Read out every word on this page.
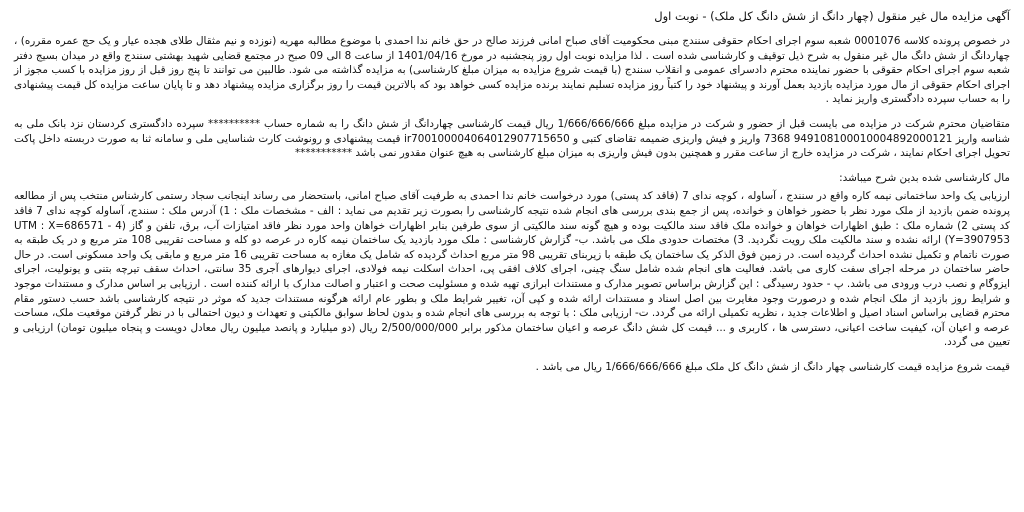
آگهی مزایده مال غیر منقول (چهار دانگ از شش دانگ کل ملک) - نوبت اول

در خصوص پرونده کلاسه 0001076 شعبه سوم اجرای احکام حقوقی سنندج مبنی محکومیت آقای صباح امانی فرزند صالح در حق خانم ندا احمدی با موضوع مطالبه مهریه (نوزده و نیم مثقال طلای هجده عیار و یک حج عمره مقرره) ، چهاردانگ از شش دانگ مال غیر منقول به شرح ذیل توقیف و کارشناسی شده است . لذا مزایده نوبت اول روز پنجشنبه در مورخ 1401/04/16 از ساعت 8 الی 09 صبح در مجتمع قضایی شهید بهشتی سنندج واقع در میدان بسیج دفتر شعبه سوم اجرای احکام حقوقی با حضور نماینده محترم دادسرای عمومی و انقلاب سنندج (با قیمت شروع مزایده به میزان مبلغ کارشناسی) به مزایده گذاشته می شود. طالبین می توانند تا پنج روز قبل از روز مزایده با کسب مجوز از اجرای احکام حقوقی از مال مورد مزایده بازدید بعمل آورند و پیشنهاد خود را کتباً روز مزایده تسلیم نمایند برنده مزایده کسی خواهد بود که بالاترین قیمت را روز برگزاری مزایده پیشنهاد دهد و تا پایان ساعت مزایده کل قیمت پیشنهادی را به حساب سپرده دادگستری واریز نماید .

متقاضیان محترم شرکت در مزایده می بایست قبل از حضور و شرکت در مزایده مبلغ 1/666/666/666 ریال قیمت کارشناسی چهاردانگ از شش دانگ را به شماره حساب ********** سپرده دادگستری کردستان نزد بانک ملی به شناسه واریز 949108100010004892000121 7368 واریز و فیش واریزی ضمیمه تقاضای کتبی و ir700100004064012907715650 قیمت پیشنهادی و رونوشت کارت شناسایی ملی و سامانه ثنا به صورت دربسته داخل پاکت تحویل اجرای احکام نمایند ، شرکت در مزایده خارج از ساعت مقرر و همچنین بدون فیش واریزی به میزان مبلغ کارشناسی به هیچ عنوان مقدور نمی باشد ***********

مال کارشناسی شده بدین شرح میباشد:

ارزیابی یک واحد ساختمانی نیمه کاره واقع در سنندج ، آساوله ، کوچه ندای 7 (فاقد کد پستی) مورد درخواست خانم ندا احمدی به طرفیت آقای صباح امانی، باستحضار می رساند اینجانب سجاد رستمی کارشناس منتخب پس از مطالعه پرونده ضمن بازدید از ملک مورد نظر با حضور خواهان و خوانده، پس از جمع بندی بررسی های انجام شده نتیجه کارشناسی را بصورت زیر تقدیم می نماید : الف - مشخصات ملک : 1) آدرس ملک : سنندج، آساوله کوچه ندای 7 فاقد کد پستی 2) شماره ملک : طبق اظهارات خواهان و خوانده ملک فاقد سند مالکیت بوده و هیچ گونه سند مالکیتی از سوی طرفین بنابر اظهارات خواهان واحد مورد نظر فاقد امتیازات آب، برق، تلفن و گاز (4 UTM : X=686571 - Y=3907953) ارائه نشده و سند مالکیت ملک رویت نگردید. 3) مختصات حدودی ملک می باشد. ب- گزارش کارشناسی : ملک مورد بازدید یک ساختمان نیمه کاره در عرصه دو کله و مساحت تقریبی 108 متر مربع و در یک طبقه به صورت ناتمام و تکمیل نشده احداث گردیده است. در زمین فوق الذکر یک ساختمان یک طبقه با زیربنای تقریبی 98 متر مربع احداث گردیده که شامل یک مغازه به مساحت تقریبی 16 متر مربع و مابقی یک واحد مسکونی است. در حال حاضر ساختمان در مرحله اجرای سفت کاری می باشد. فعالیت های انجام شده شامل سنگ چینی، اجرای کلاف افقی پی، احداث اسکلت نیمه فولادی، اجرای دیوارهای آجری 35 سانتی، احداث سقف تیرچه بتنی و یونولیت، اجرای ایزوگام و نصب درب ورودی می باشد. پ - حدود رسیدگی : این گزارش براساس تصویر مدارک و مستندات ابرازی تهیه شده و مسئولیت صحت و اعتبار و اصالت مدارک با ارائه کننده است . ارزیابی بر اساس مدارک و مستندات موجود و شرایط روز بازدید از ملک انجام شده و درصورت وجود مغایرت بین اصل اسناد و مستندات ارائه شده و کپی آن، تغییر شرایط ملک و بطور عام ارائه هرگونه مستندات جدید که موثر در نتیجه کارشناسی باشد حسب دستور مقام محترم قضایی براساس اسناد اصیل و اطلاعات جدید ، نظریه تکمیلی ارائه می گردد. ت- ارزیابی ملک : با توجه به بررسی های انجام شده و بدون لحاظ سوابق مالکیتی و تعهدات و دیون احتمالی با در نظر گرفتن موقعیت ملک، مساحت عرصه و اعیان آن، کیفیت ساخت اعیانی، دسترسی ها ، کاربری و ... قیمت کل شش دانگ عرصه و اعیان ساختمان مذکور برابر 2/500/000/000 ریال (دو میلیارد و پانصد میلیون ریال معادل دویست و پنجاه میلیون تومان) ارزیابی و تعیین می گردد.

قیمت شروع مزایده قیمت کارشناسی چهار دانگ از شش دانگ کل ملک مبلغ 1/666/666/666 ریال می باشد .
